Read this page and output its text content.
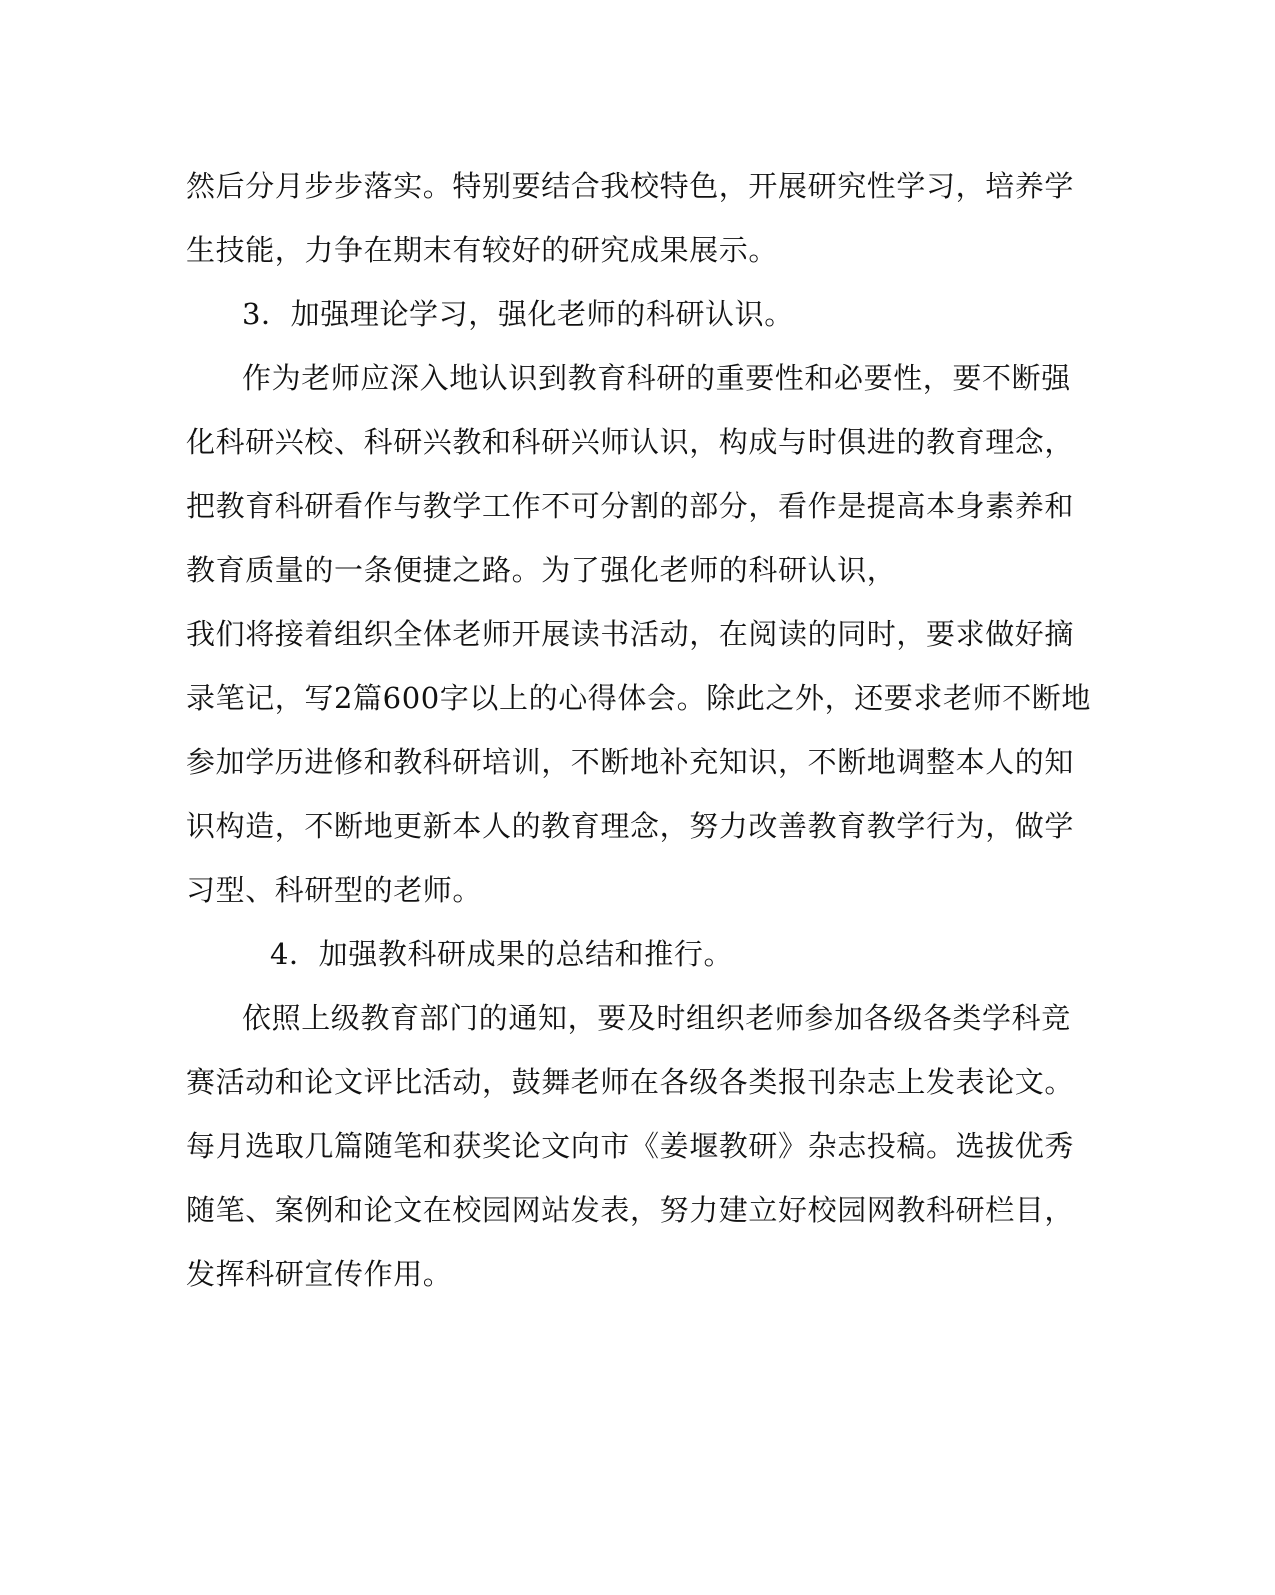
然后分月步步落实。特别要结合我校特色，开展研究性学习，培养学
生技能，力争在期末有较好的研究成果展示。
3．加强理论学习，强化老师的科研认识。
作为老师应深入地认识到教育科研的重要性和必要性，要不断强
化科研兴校、科研兴教和科研兴师认识，构成与时俱进的教育理念，
把教育科研看作与教学工作不可分割的部分，看作是提高本身素养和
教育质量的一条便捷之路。为了强化老师的科研认识，
我们将接着组织全体老师开展读书活动，在阅读的同时，要求做好摘
录笔记，写2篇600字以上的心得体会。除此之外，还要求老师不断地
参加学历进修和教科研培训，不断地补充知识，不断地调整本人的知
识构造，不断地更新本人的教育理念，努力改善教育教学行为，做学
习型、科研型的老师。
4．加强教科研成果的总结和推行。
依照上级教育部门的通知，要及时组织老师参加各级各类学科竞
赛活动和论文评比活动，鼓舞老师在各级各类报刊杂志上发表论文。
每月选取几篇随笔和获奖论文向市《姜堰教研》杂志投稿。选拔优秀
随笔、案例和论文在校园网站发表，努力建立好校园网教科研栏目，
发挥科研宣传作用。
